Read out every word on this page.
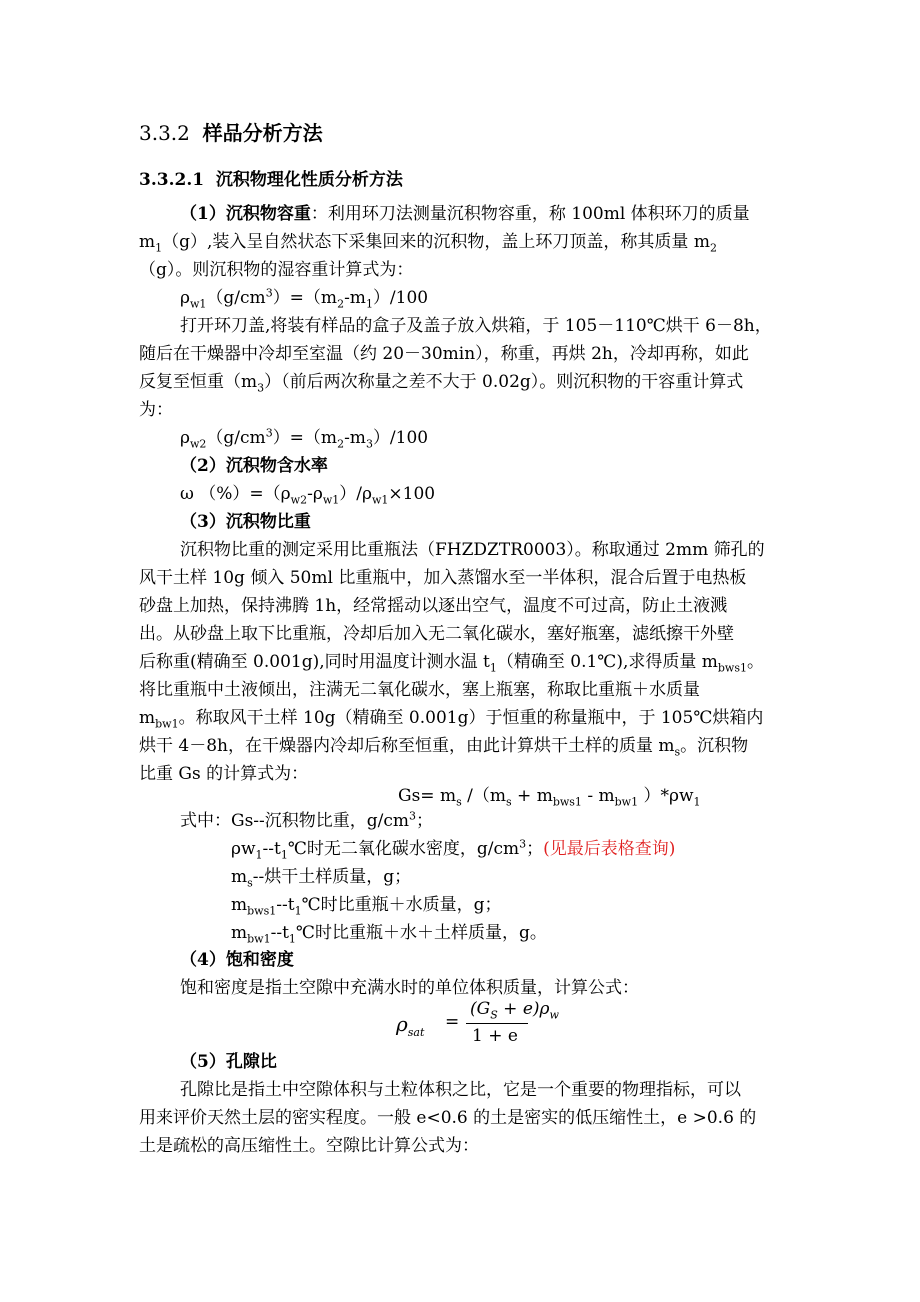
3.3.2 样品分析方法
3.3.2.1 沉积物理化性质分析方法
（1）沉积物容重：利用环刀法测量沉积物容重，称 100ml 体积环刀的质量
$m_1(g)$,装入呈自然状态下采集回来的沉积物，盖上环刀顶盖，称其质量 $m_2$
（g）。则沉积物的湿容重计算式为：
$\rho_{w1}(g/cm^3)=(m_2-m_1)/100$
打开环刀盖,将装有样品的盒子及盖子放入烘箱，于 105－110℃烘干 6－8h，
随后在干燥器中冷却至室温（约 20－30min），称重，再烘 2h，冷却再称，如此
反复至恒重$(m_3)$（前后两次称量之差不大于 0.02g）。则沉积物的干容重计算式
为：
$\rho_{w2}(g/cm^3)=(m_2-m_3)/100$
（2）沉积物含水率
ω $(\%)=(\rho_{w2}-\rho_{w1})/\rho_{w1}\times 100$
（3）沉积物比重
沉积物比重的测定采用比重瓶法（FHZDZTR0003）。称取通过 2mm 筛孔的
风干土样 10g 倾入 50ml 比重瓶中，加入蒸馏水至一半体积，混合后置于电热板
砂盘上加热，保持沸腾 1h，经常摇动以逐出空气，温度不可过高，防止土液溅
出。从砂盘上取下比重瓶，冷却后加入无二氧化碳水，塞好瓶塞，滤纸擦干外壁
后称重(精确至 0.001g),同时用温度计测水温 $t_1$（精确至 0.1℃),求得质量 $m_{bws1}$。
将比重瓶中土液倾出，注满无二氧化碳水，塞上瓶塞，称取比重瓶＋水质量
$m_{bw1}$。称取风干土样 10g（精确至 0.001g）于恒重的称量瓶中，于 105℃烘箱内
烘干 4－8h，在干燥器内冷却后称至恒重，由此计算烘干土样的质量 $m_s$。沉积物
比重 Gs 的计算式为：
$Gs= m_s$ $/(m_s + m_{bws1} - m_{bw1}$ ）$*\rho w_1$
式中：Gs--沉积物比重，$g/cm^3$；
$\rho w_1--t_1℃$时无二氧化碳水密度，$g/cm^3$；(见最后表格查询)
$m_s--$烘干土样质量，g；
$m_{bws1}--t_1℃$时比重瓶＋水质量，g；
$m_{bw1}--t_1℃$时比重瓶＋水＋土样质量，g。
（4）饱和密度
饱和密度是指土空隙中充满水时的单位体积质量，计算公式：
$\rho_{sat}$
=
$(G_S + e)\rho_w$
1 + e
（5）孔隙比
孔隙比是指土中空隙体积与土粒体积之比，它是一个重要的物理指标，可以
用来评价天然土层的密实程度。一般 e<0.6 的土是密实的低压缩性土，e >0.6 的
土是疏松的高压缩性土。空隙比计算公式为：
